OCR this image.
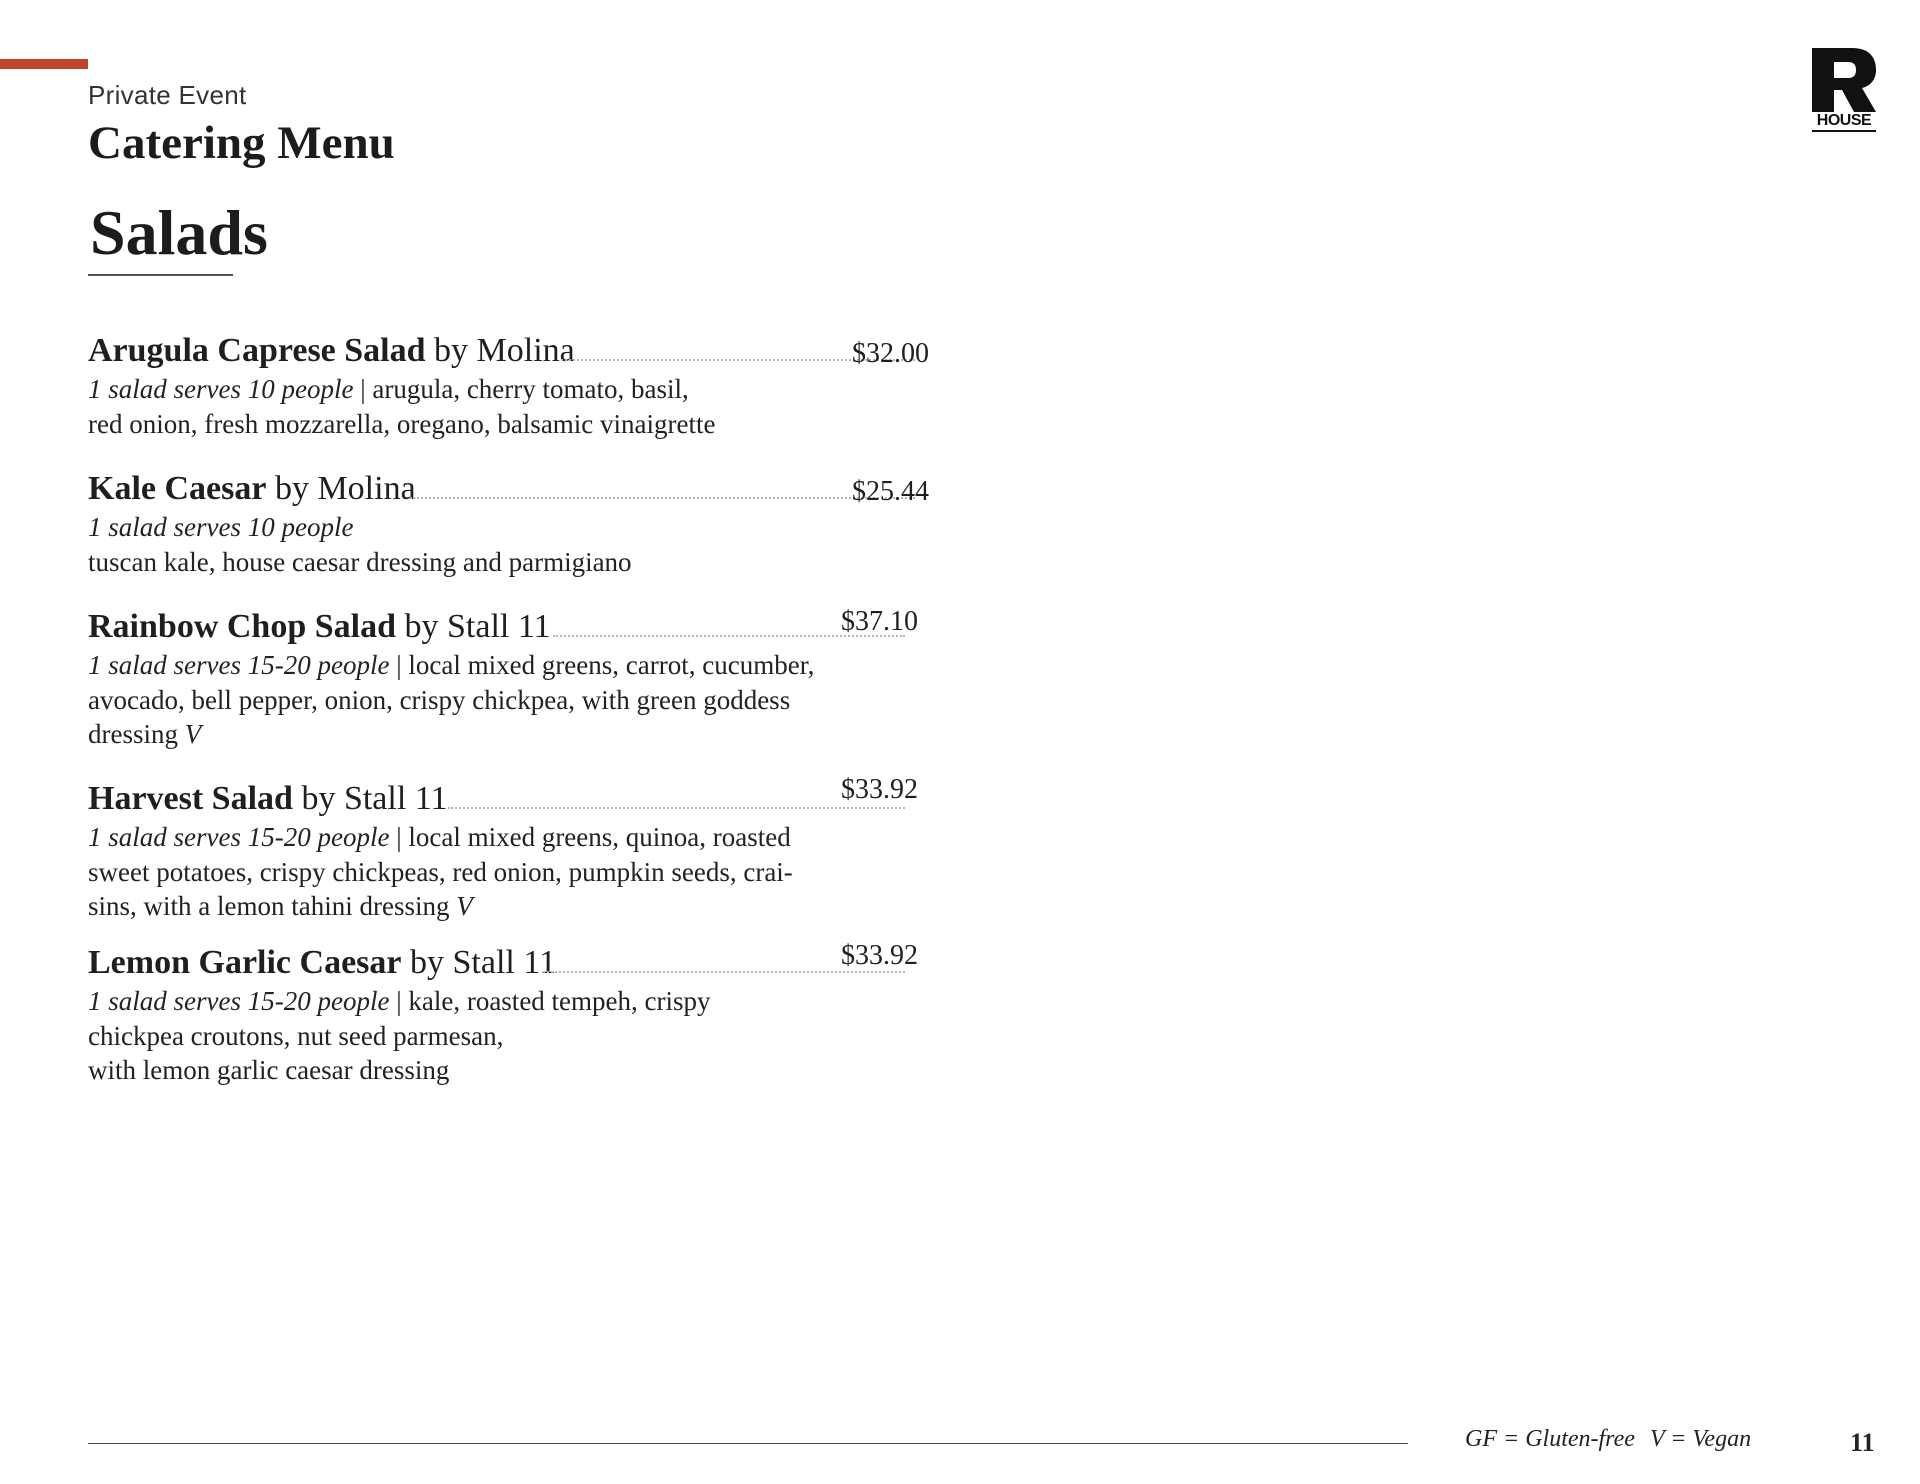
Private Event
Catering Menu
Salads
HOUSE
Arugula Caprese Salad by Molina	$32.00

1 salad serves 10 people | arugula, cherry tomato, basil,
red onion, fresh mozzarella, oregano, balsamic vinaigrette

Kale Caesar by Molina	$25.44

1 salad serves 10 people
tuscan kale, house caesar dressing and parmigiano

Rainbow Chop Salad by Stall 11	$37.10

1 salad serves 15-20 people | local mixed greens, carrot, cucumber,
avocado, bell pepper, onion, crispy chickpea, with green goddess
dressing V

Harvest Salad by Stall 11	$33.92

1 salad serves 15-20 people | local mixed greens, quinoa, roasted
sweet potatoes, crispy chickpeas, red onion, pumpkin seeds, crai-
sins, with a lemon tahini dressing V

Lemon Garlic Caesar by Stall 11	$33.92

1 salad serves 15-20 people | kale, roasted tempeh, crispy
chickpea croutons, nut seed parmesan,
with lemon garlic caesar dressing

GF = Gluten-free V = Vegan	11
